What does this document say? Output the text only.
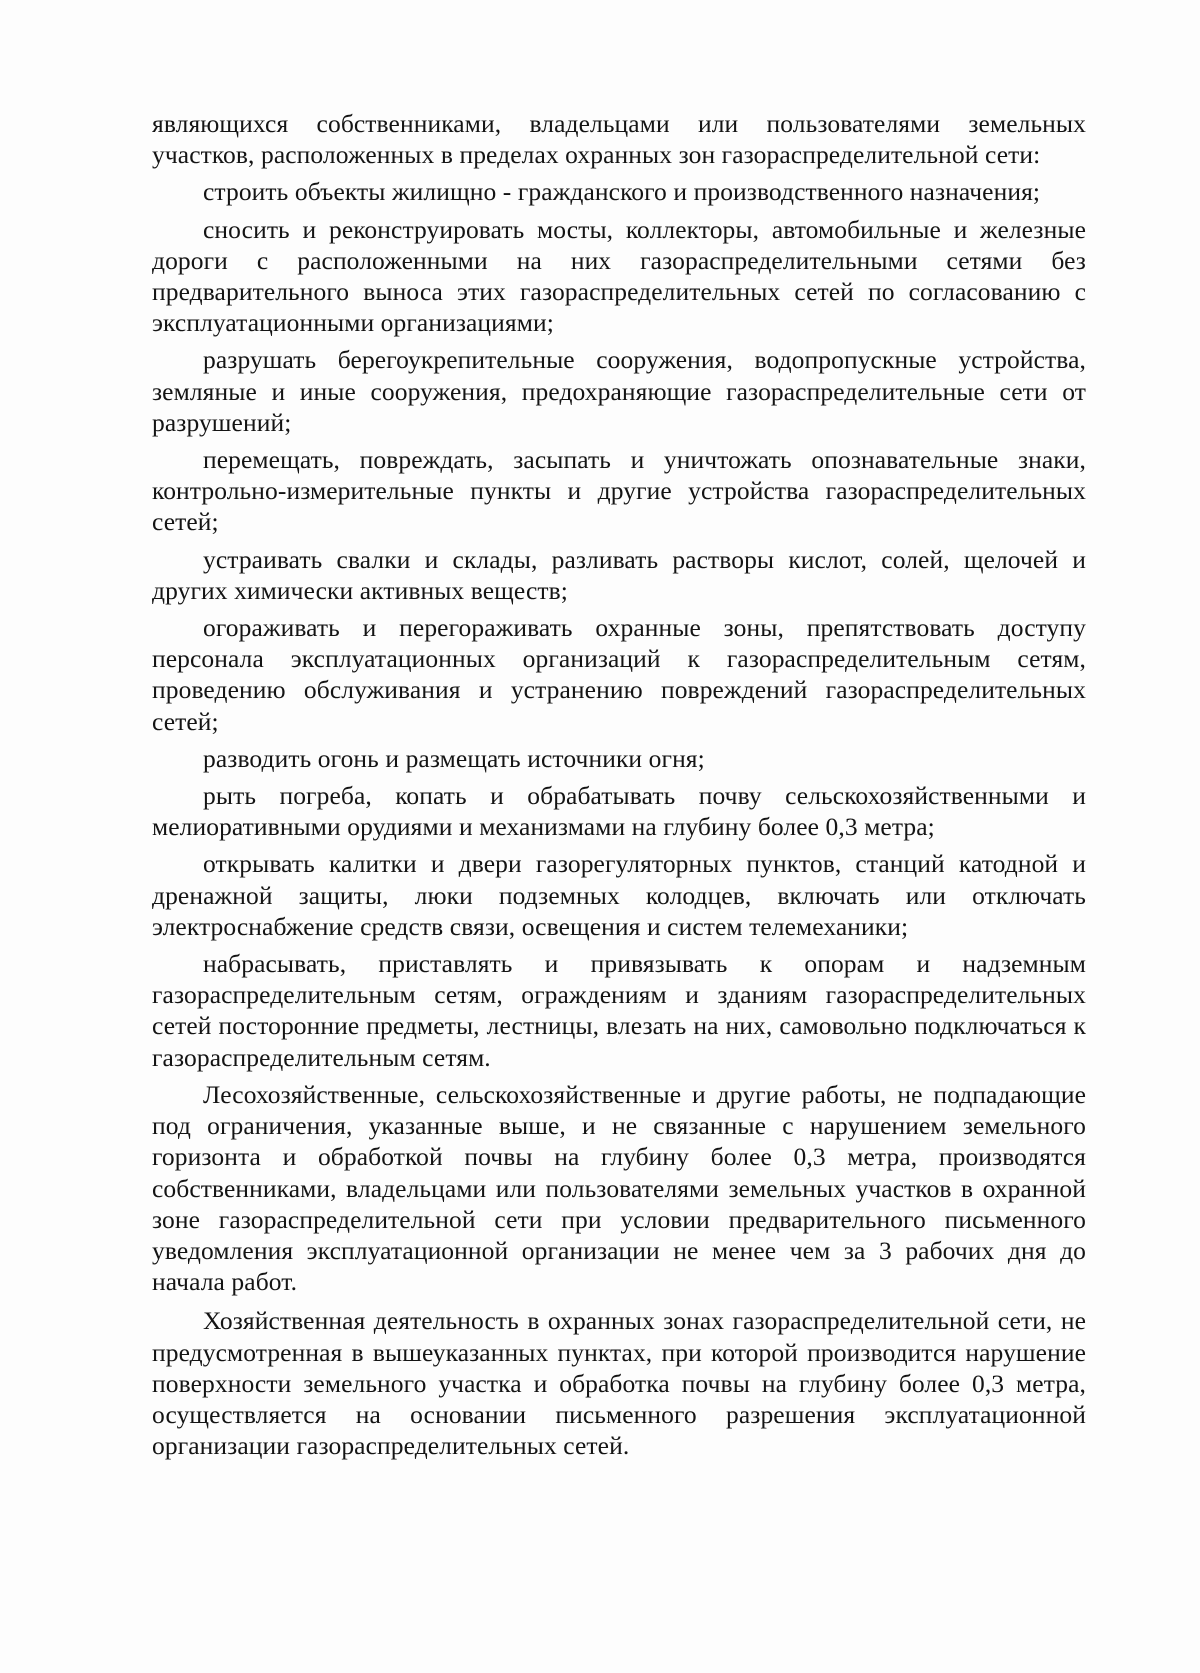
являющихся собственниками, владельцами или пользователями земельных участков, расположенных в пределах охранных зон газораспределительной сети:

строить объекты жилищно - гражданского и производственного назначения;

сносить и реконструировать мосты, коллекторы, автомобильные и железные дороги с расположенными на них газораспределительными сетями без предварительного выноса этих газораспределительных сетей по согласованию с эксплуатационными организациями;

разрушать берегоукрепительные сооружения, водопропускные устройства, земляные и иные сооружения, предохраняющие газораспределительные сети от разрушений;

перемещать, повреждать, засыпать и уничтожать опознавательные знаки, контрольно-измерительные пункты и другие устройства газораспределительных сетей;

устраивать свалки и склады, разливать растворы кислот, солей, щелочей и других химически активных веществ;

огораживать и перегораживать охранные зоны, препятствовать доступу персонала эксплуатационных организаций к газораспределительным сетям, проведению обслуживания и устранению повреждений газораспределительных сетей;

разводить огонь и размещать источники огня;

рыть погреба, копать и обрабатывать почву сельскохозяйственными и мелиоративными орудиями и механизмами на глубину более 0,3 метра;

открывать калитки и двери газорегуляторных пунктов, станций катодной и дренажной защиты, люки подземных колодцев, включать или отключать электроснабжение средств связи, освещения и систем телемеханики;

набрасывать, приставлять и привязывать к опорам и надземным газораспределительным сетям, ограждениям и зданиям газораспределительных сетей посторонние предметы, лестницы, влезать на них, самовольно подключаться к газораспределительным сетям.

Лесохозяйственные, сельскохозяйственные и другие работы, не подпадающие под ограничения, указанные выше, и не связанные с нарушением земельного горизонта и обработкой почвы на глубину более 0,3 метра, производятся собственниками, владельцами или пользователями земельных участков в охранной зоне газораспределительной сети при условии предварительного письменного уведомления эксплуатационной организации не менее чем за 3 рабочих дня до начала работ.

Хозяйственная деятельность в охранных зонах газораспределительной сети, не предусмотренная в вышеуказанных пунктах, при которой производится нарушение поверхности земельного участка и обработка почвы на глубину более 0,3 метра, осуществляется на основании письменного разрешения эксплуатационной организации газораспределительных сетей.
